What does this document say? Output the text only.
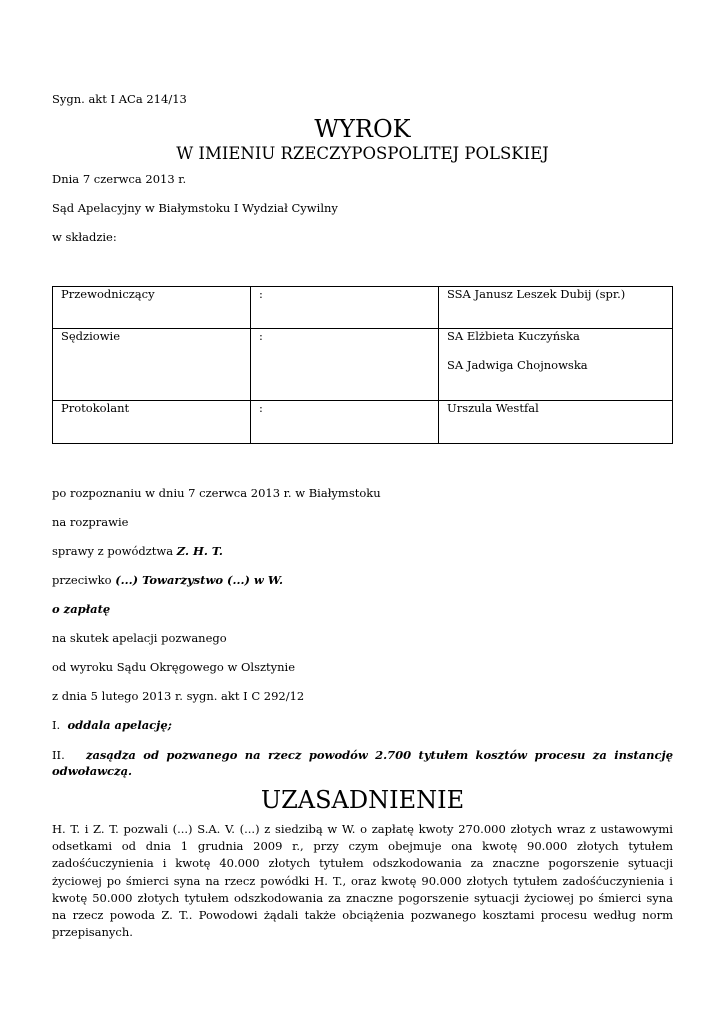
Sygn. akt I ACa 214/13
WYROK
W IMIENIU RZECZYPOSPOLITEJ POLSKIEJ
Dnia 7 czerwca 2013 r.
Sąd Apelacyjny w Białymstoku I Wydział Cywilny
w składzie:
Przewodniczący	:	SSA Janusz Leszek Dubij (spr.)

Sędziowie	:	SA Elżbieta Kuczyńska
SA Jadwiga Chojnowska

Protokolant	:	Urszula Westfal
po rozpoznaniu w dniu 7 czerwca 2013 r. w Białymstoku
na rozprawie
sprawy z powództwa Z. H. T.
przeciwko (...) Towarzystwo (...) w W.
o zapłatę
na skutek apelacji pozwanego
od wyroku Sądu Okręgowego w Olsztynie
z dnia 5 lutego 2013 r. sygn. akt I C 292/12
I. oddala apelację;
II. zasądza od pozwanego na rzecz powodów 2.700 tytułem kosztów procesu za instancję
odwoławczą.
UZASADNIENIE
H. T. i Z. T. pozwali (...) S.A. V. (...) z siedzibą w W. o zapłatę kwoty 270.000 złotych wraz z ustawowymi odsetkami od dnia 1 grudnia 2009 r., przy czym obejmuje ona kwotę 90.000 złotych tytułem zadośćuczynienia i kwotę 40.000 złotych tytułem odszkodowania za znaczne pogorszenie sytuacji życiowej po śmierci syna na rzecz powódki H. T., oraz kwotę 90.000 złotych tytułem zadośćuczynienia i kwotę 50.000 złotych tytułem odszkodowania za znaczne pogorszenie sytuacji życiowej po śmierci syna na rzecz powoda Z. T.. Powodowi żądali także obciążenia pozwanego kosztami procesu według norm przepisanych.
